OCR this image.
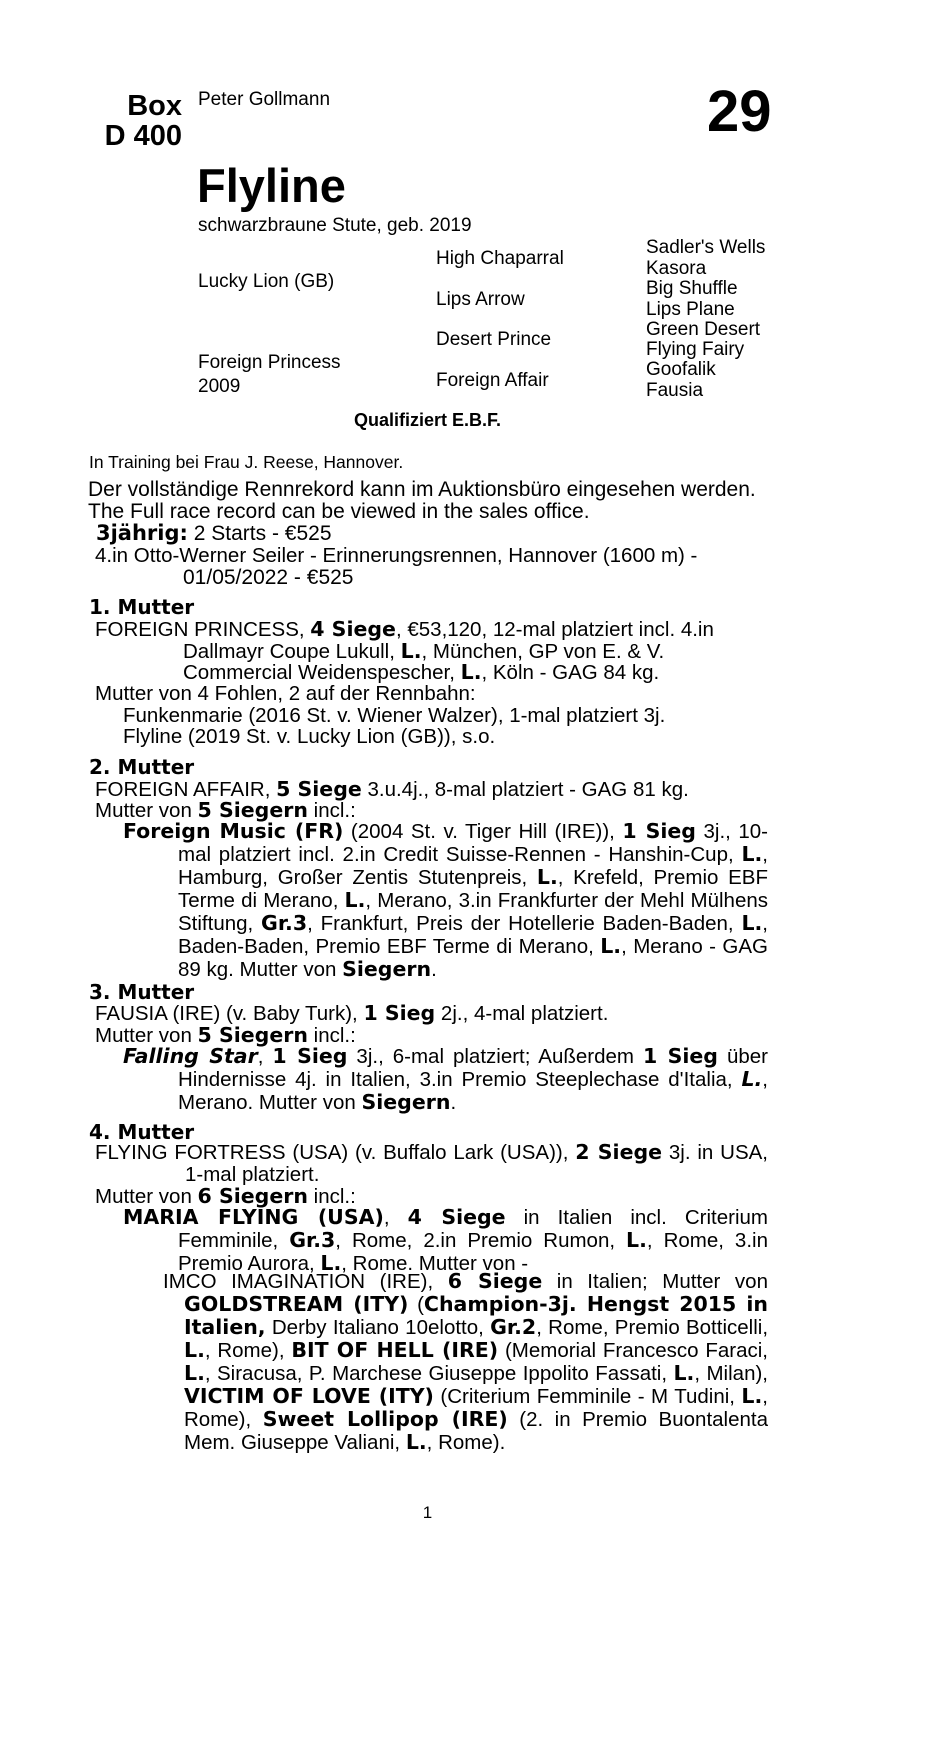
Box
D 400
Peter Gollmann	29
Flyline
schwarzbraune Stute, geb. 2019
Lucky Lion (GB)
Foreign Princess
2009
High Chaparral
Lips Arrow
Desert Prince
Foreign Affair
Sadler's Wells
Kasora
Big Shuffle
Lips Plane
Green Desert
Flying Fairy
Goofalik
Fausia
Qualifiziert E.B.F.
In Training bei Frau J. Reese, Hannover.
Der vollständige Rennrekord kann im Auktionsbüro eingesehen werden.
The Full race record can be viewed in the sales office.
3jährig: 2 Starts - €525
4.in Otto-Werner Seiler - Erinnerungsrennen, Hannover (1600 m) -
01/05/2022 - €525
1. Mutter
FOREIGN PRINCESS, 4 Siege, €53,120, 12-mal platziert incl. 4.in
Dallmayr Coupe Lukull, L., München, GP von E. & V.
Commercial Weidenspescher, L., Köln - GAG 84 kg.
Mutter von 4 Fohlen, 2 auf der Rennbahn:
Funkenmarie (2016 St. v. Wiener Walzer), 1-mal platziert 3j.
Flyline (2019 St. v. Lucky Lion (GB)), s.o.
2. Mutter
FOREIGN AFFAIR, 5 Siege 3.u.4j., 8-mal platziert - GAG 81 kg.
Mutter von 5 Siegern incl.:
Foreign Music (FR) (2004 St. v. Tiger Hill (IRE)), 1 Sieg 3j., 10-mal platziert incl. 2.in Credit Suisse-Rennen - Hanshin-Cup, L., Hamburg, Großer Zentis Stutenpreis, L., Krefeld, Premio EBF Terme di Merano, L., Merano, 3.in Frankfurter der Mehl Mülhens Stiftung, Gr.3, Frankfurt, Preis der Hotellerie Baden-Baden, L., Baden-Baden, Premio EBF Terme di Merano, L., Merano - GAG 89 kg. Mutter von Siegern.
3. Mutter
FAUSIA (IRE) (v. Baby Turk), 1 Sieg 2j., 4-mal platziert.
Mutter von 5 Siegern incl.:
Falling Star, 1 Sieg 3j., 6-mal platziert; Außerdem 1 Sieg über Hindernisse 4j. in Italien, 3.in Premio Steeplechase d'Italia, L., Merano. Mutter von Siegern.
4. Mutter
FLYING FORTRESS (USA) (v. Buffalo Lark (USA)), 2 Siege 3j. in USA, 1-mal platziert.
Mutter von 6 Siegern incl.:
MARIA FLYING (USA), 4 Siege in Italien incl. Criterium Femminile, Gr.3, Rome, 2.in Premio Rumon, L., Rome, 3.in Premio Aurora, L., Rome. Mutter von -
IMCO IMAGINATION (IRE), 6 Siege in Italien; Mutter von GOLDSTREAM (ITY) (Champion-3j. Hengst 2015 in Italien, Derby Italiano 10elotto, Gr.2, Rome, Premio Botticelli, L., Rome), BIT OF HELL (IRE) (Memorial Francesco Faraci, L., Siracusa, P. Marchese Giuseppe Ippolito Fassati, L., Milan), VICTIM OF LOVE (ITY) (Criterium Femminile - M Tudini, L., Rome), Sweet Lollipop (IRE) (2. in Premio Buontalenta Mem. Giuseppe Valiani, L., Rome).
1
